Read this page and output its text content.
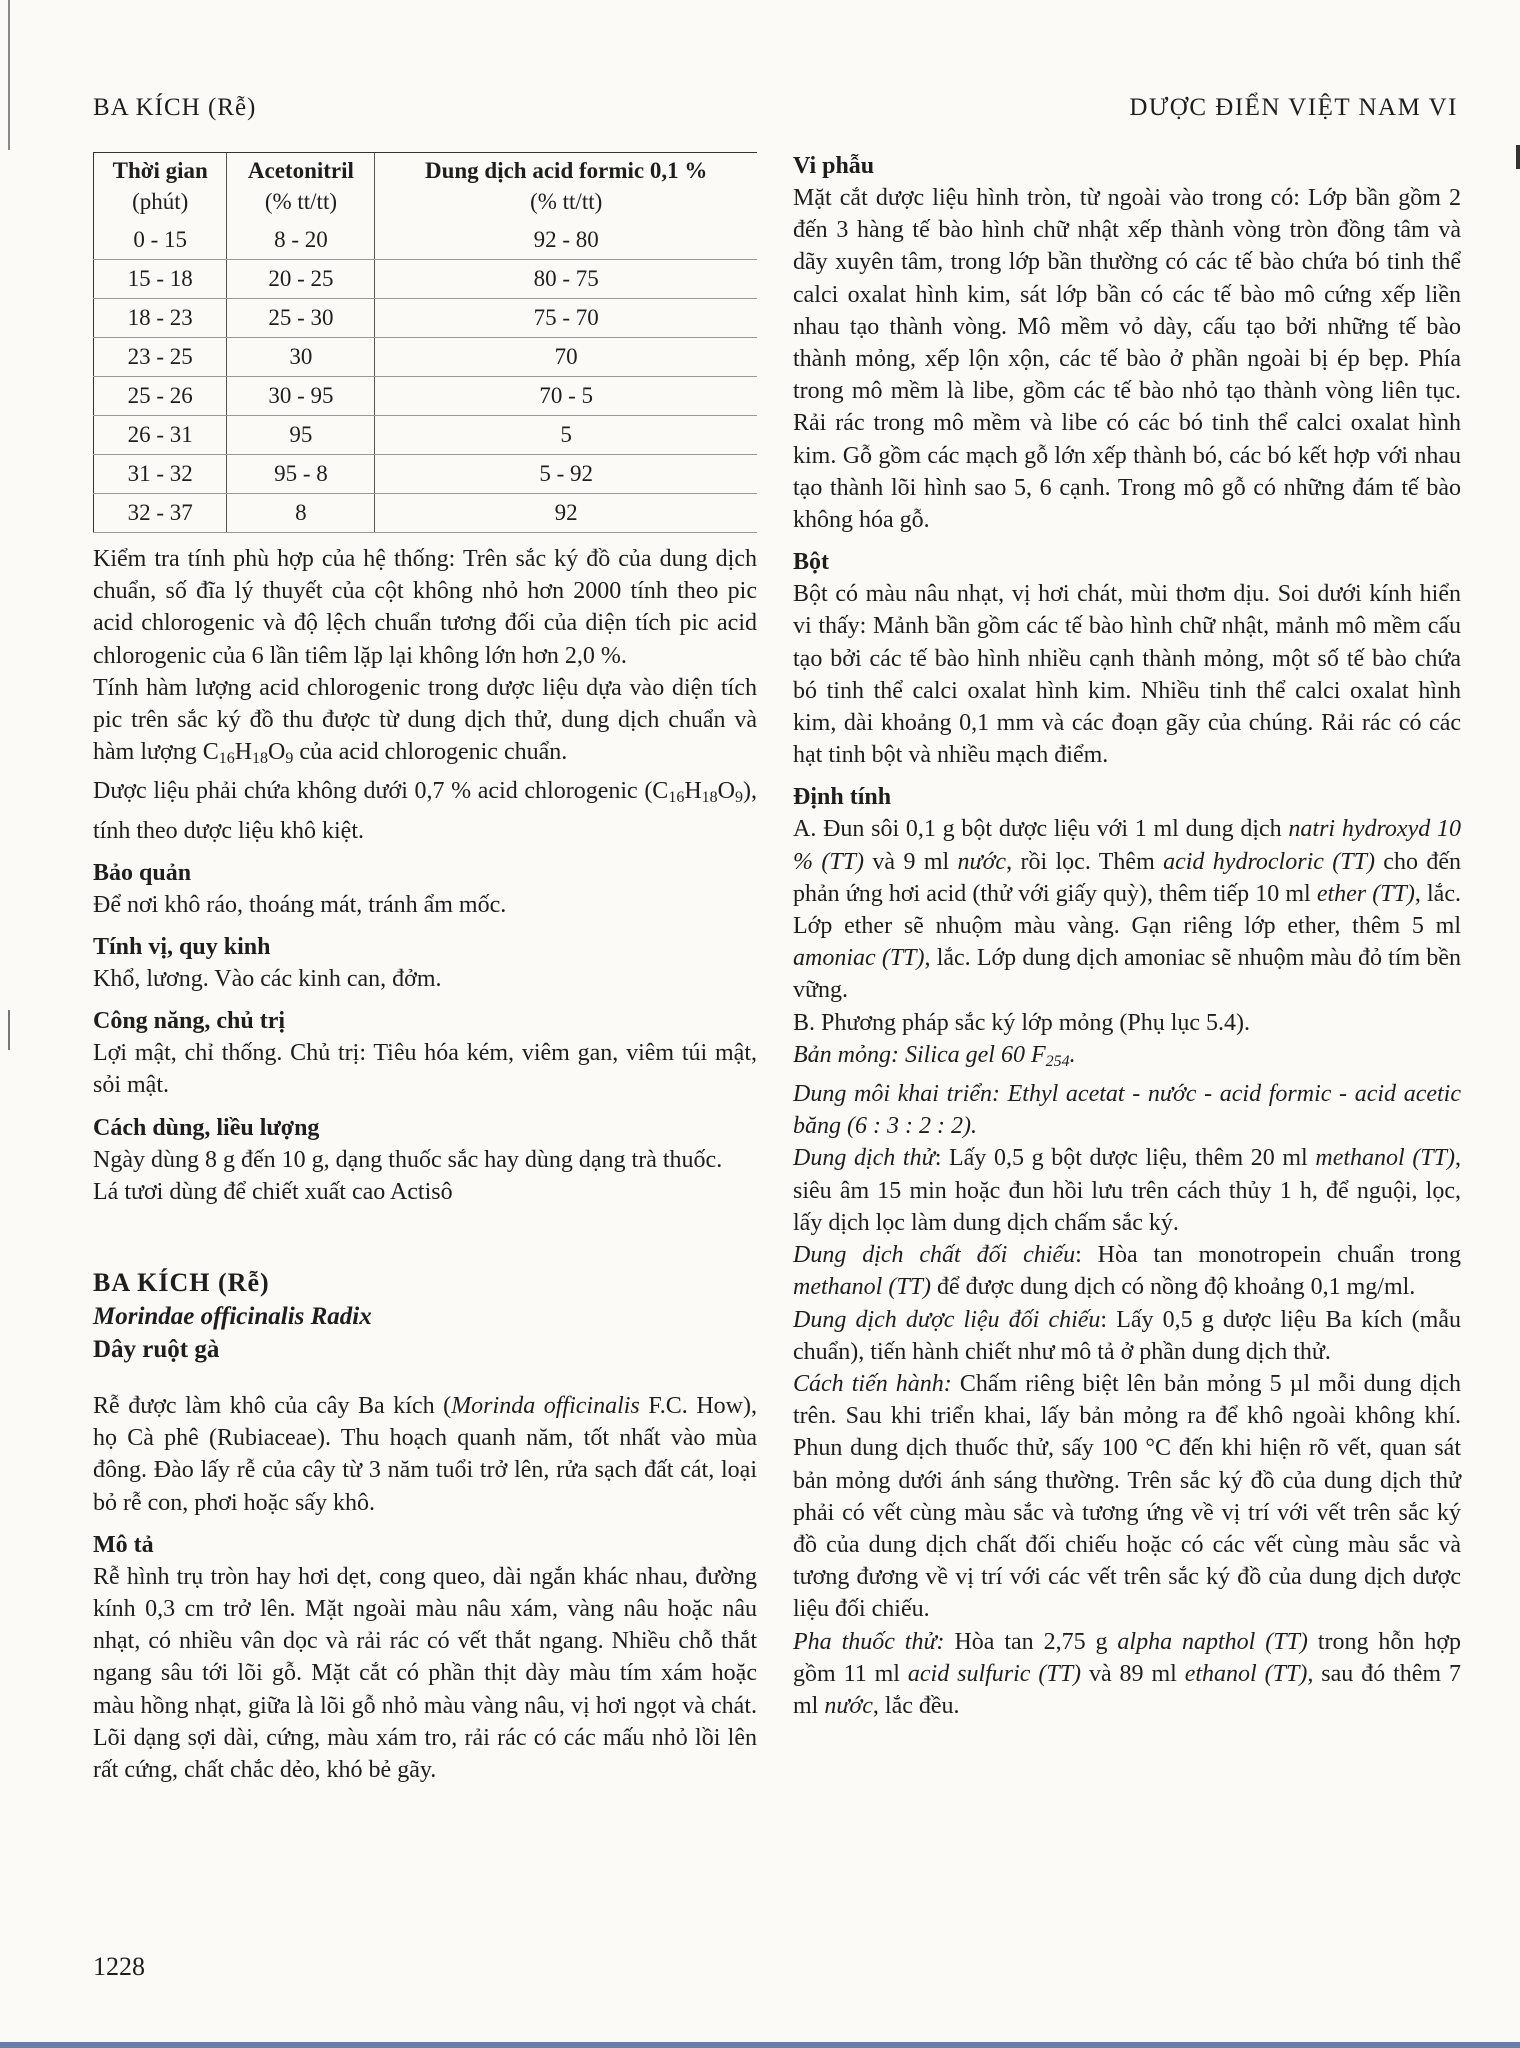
BA KÍCH (Rễ)	DƯỢC ĐIỂN VIỆT NAM VI
Thời gian	Acetonitril	Dung dịch acid formic 0,1 %
(phút)	(% tt/tt)	(% tt/tt)
0 - 15	8 - 20	92 - 80
15 - 18	20 - 25	80 - 75
18 - 23	25 - 30	75 - 70
23 - 25	30	70
25 - 26	30 - 95	70 - 5
26 - 31	95	5
31 - 32	95 - 8	5 - 92
32 - 37	8	92

Kiểm tra tính phù hợp của hệ thống: Trên sắc ký đồ của dung dịch chuẩn, số đĩa lý thuyết của cột không nhỏ hơn 2000 tính theo pic acid chlorogenic và độ lệch chuẩn tương đối của diện tích pic acid chlorogenic của 6 lần tiêm lặp lại không lớn hơn 2,0 %.

Tính hàm lượng acid chlorogenic trong dược liệu dựa vào diện tích pic trên sắc ký đồ thu được từ dung dịch thử, dung dịch chuẩn và hàm lượng $C_{16}H_{18}O_9$ của acid chlorogenic chuẩn.

Dược liệu phải chứa không dưới 0,7 % acid chlorogenic $(C_{16}H_{18}O_9)$, tính theo dược liệu khô kiệt.

Bảo quản

Để nơi khô ráo, thoáng mát, tránh ẩm mốc.

Tính vị, quy kinh

Khổ, lương. Vào các kinh can, đởm.

Công năng, chủ trị

Lợi mật, chỉ thống. Chủ trị: Tiêu hóa kém, viêm gan, viêm túi mật, sỏi mật.

Cách dùng, liều lượng

Ngày dùng 8 g đến 10 g, dạng thuốc sắc hay dùng dạng trà thuốc.

Lá tươi dùng để chiết xuất cao Actisô

BA KÍCH (Rễ)
Morindae officinalis Radix
Dây ruột gà

Rễ được làm khô của cây Ba kích (Morinda officinalis F.C. How), họ Cà phê (Rubiaceae). Thu hoạch quanh năm, tốt nhất vào mùa đông. Đào lấy rễ của cây từ 3 năm tuổi trở lên, rửa sạch đất cát, loại bỏ rễ con, phơi hoặc sấy khô.

Mô tả

Rễ hình trụ tròn hay hơi dẹt, cong queo, dài ngắn khác nhau, đường kính 0,3 cm trở lên. Mặt ngoài màu nâu xám, vàng nâu hoặc nâu nhạt, có nhiều vân dọc và rải rác có vết thắt ngang. Nhiều chỗ thắt ngang sâu tới lõi gỗ. Mặt cắt có phần thịt dày màu tím xám hoặc màu hồng nhạt, giữa là lõi gỗ nhỏ màu vàng nâu, vị hơi ngọt và chát. Lõi dạng sợi dài, cứng, màu xám tro, rải rác có các mấu nhỏ lồi lên rất cứng, chất chắc dẻo, khó bẻ gãy.

Vi phẫu

Mặt cắt dược liệu hình tròn, từ ngoài vào trong có: Lớp bần gồm 2 đến 3 hàng tế bào hình chữ nhật xếp thành vòng tròn đồng tâm và dãy xuyên tâm, trong lớp bần thường có các tế bào chứa bó tinh thể calci oxalat hình kim, sát lớp bần có các tế bào mô cứng xếp liền nhau tạo thành vòng. Mô mềm vỏ dày, cấu tạo bởi những tế bào thành mỏng, xếp lộn xộn, các tế bào ở phần ngoài bị ép bẹp. Phía trong mô mềm là libe, gồm các tế bào nhỏ tạo thành vòng liên tục. Rải rác trong mô mềm và libe có các bó tinh thể calci oxalat hình kim. Gỗ gồm các mạch gỗ lớn xếp thành bó, các bó kết hợp với nhau tạo thành lõi hình sao 5, 6 cạnh. Trong mô gỗ có những đám tế bào không hóa gỗ.

Bột

Bột có màu nâu nhạt, vị hơi chát, mùi thơm dịu. Soi dưới kính hiển vi thấy: Mảnh bần gồm các tế bào hình chữ nhật, mảnh mô mềm cấu tạo bởi các tế bào hình nhiều cạnh thành mỏng, một số tế bào chứa bó tinh thể calci oxalat hình kim. Nhiều tinh thể calci oxalat hình kim, dài khoảng 0,1 mm và các đoạn gãy của chúng. Rải rác có các hạt tinh bột và nhiều mạch điểm.

Định tính

A. Đun sôi 0,1 g bột dược liệu với 1 ml dung dịch natri hydroxyd 10 % (TT) và 9 ml nước, rồi lọc. Thêm acid hydrocloric (TT) cho đến phản ứng hơi acid (thử với giấy quỳ), thêm tiếp 10 ml ether (TT), lắc. Lớp ether sẽ nhuộm màu vàng. Gạn riêng lớp ether, thêm 5 ml amoniac (TT), lắc. Lớp dung dịch amoniac sẽ nhuộm màu đỏ tím bền vững.

B. Phương pháp sắc ký lớp mỏng (Phụ lục 5.4).

Bản mỏng: Silica gel 60 $F_{254}$.

Dung môi khai triển: Ethyl acetat - nước - acid formic - acid acetic băng (6 : 3 : 2 : 2).

Dung dịch thử: Lấy 0,5 g bột dược liệu, thêm 20 ml methanol (TT), siêu âm 15 min hoặc đun hồi lưu trên cách thủy 1 h, để nguội, lọc, lấy dịch lọc làm dung dịch chấm sắc ký.

Dung dịch chất đối chiếu: Hòa tan monotropein chuẩn trong methanol (TT) để được dung dịch có nồng độ khoảng 0,1 mg/ml.

Dung dịch dược liệu đối chiếu: Lấy 0,5 g dược liệu Ba kích (mẫu chuẩn), tiến hành chiết như mô tả ở phần dung dịch thử.

Cách tiến hành: Chấm riêng biệt lên bản mỏng 5 µl mỗi dung dịch trên. Sau khi triển khai, lấy bản mỏng ra để khô ngoài không khí. Phun dung dịch thuốc thử, sấy 100 °C đến khi hiện rõ vết, quan sát bản mỏng dưới ánh sáng thường. Trên sắc ký đồ của dung dịch thử phải có vết cùng màu sắc và tương ứng về vị trí với vết trên sắc ký đồ của dung dịch chất đối chiếu hoặc có các vết cùng màu sắc và tương đương về vị trí với các vết trên sắc ký đồ của dung dịch dược liệu đối chiếu.

Pha thuốc thử: Hòa tan 2,75 g alpha napthol (TT) trong hỗn hợp gồm 11 ml acid sulfuric (TT) và 89 ml ethanol (TT), sau đó thêm 7 ml nước, lắc đều.

1228
